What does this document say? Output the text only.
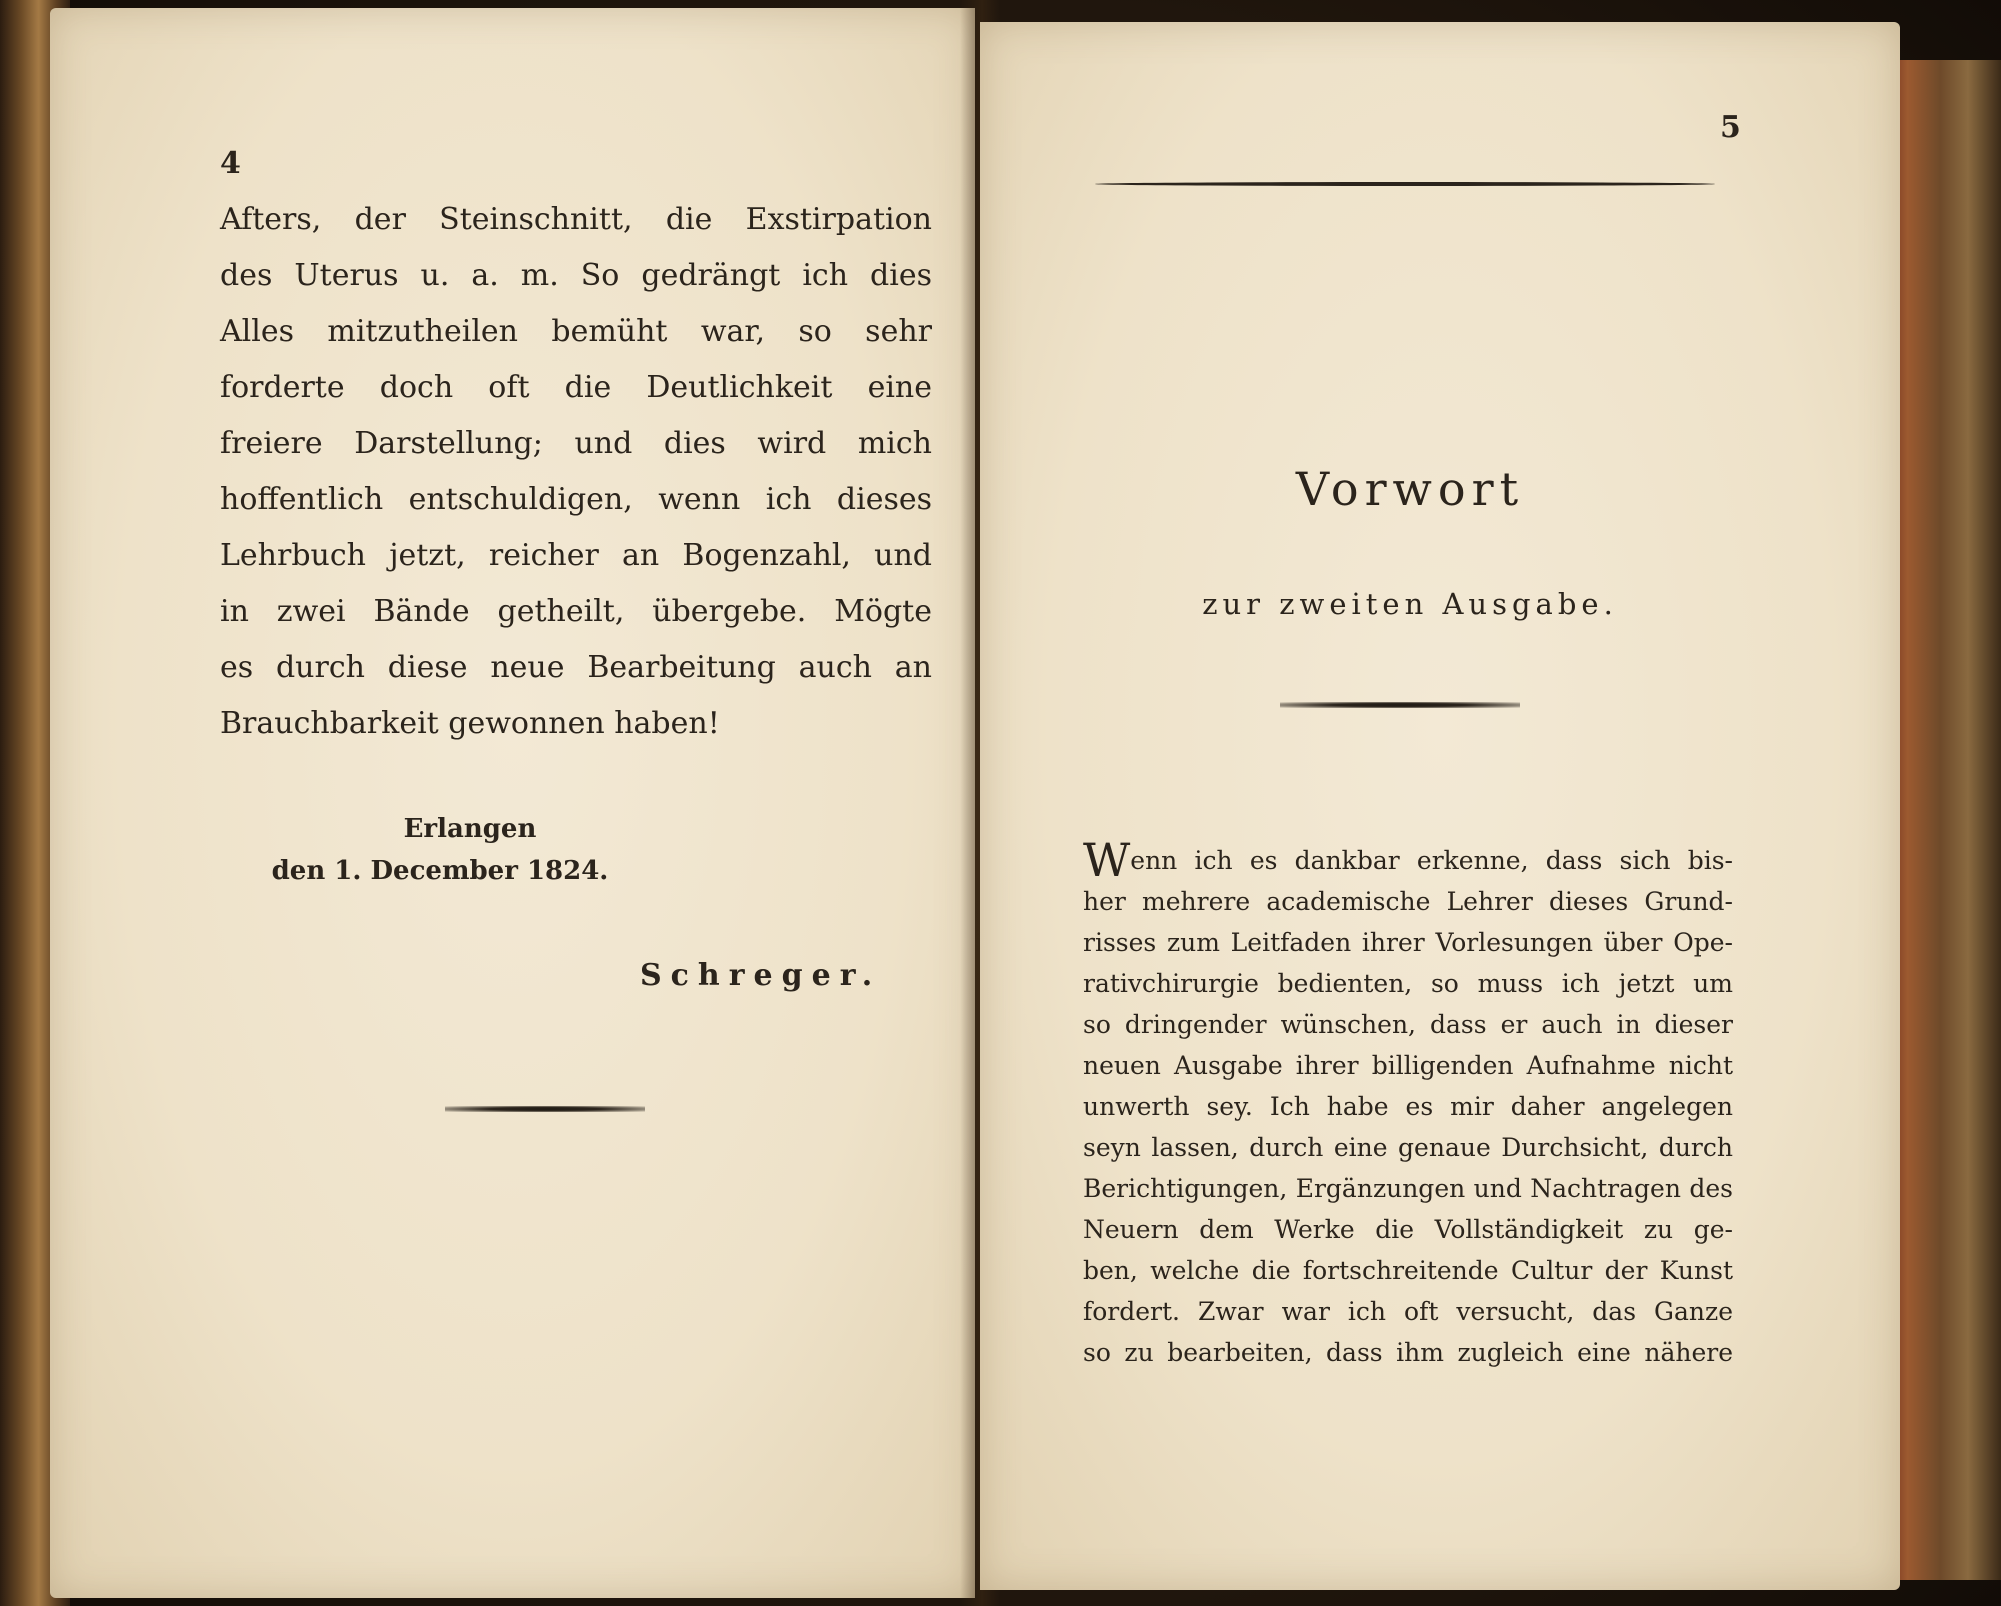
4
Afters, der Steinschnitt, die Exstirpation
des Uterus u. a. m. So gedrängt ich dies
Alles mitzutheilen bemüht war, so sehr
forderte doch oft die Deutlichkeit eine
freiere Darstellung; und dies wird mich
hoffentlich entschuldigen, wenn ich dieses
Lehrbuch jetzt, reicher an Bogenzahl, und
in zwei Bände getheilt, übergebe. Mögte
es durch diese neue Bearbeitung auch an
Brauchbarkeit gewonnen haben!
Erlangen
den 1. December 1824.
Schreger.
5
Vorwort
zur zweiten Ausgabe.
W enn ich es dankbar erkenne, dass sich bis-
her mehrere academische Lehrer dieses Grund-
risses zum Leitfaden ihrer Vorlesungen über Ope-
rativchirurgie bedienten, so muss ich jetzt um
so dringender wünschen, dass er auch in dieser
neuen Ausgabe ihrer billigenden Aufnahme nicht
unwerth sey. Ich habe es mir daher angelegen
seyn lassen, durch eine genaue Durchsicht, durch
Berichtigungen, Ergänzungen und Nachtragen des
Neuern dem Werke die Vollständigkeit zu ge-
ben, welche die fortschreitende Cultur der Kunst
fordert. Zwar war ich oft versucht, das Ganze
so zu bearbeiten, dass ihm zugleich eine nähere
